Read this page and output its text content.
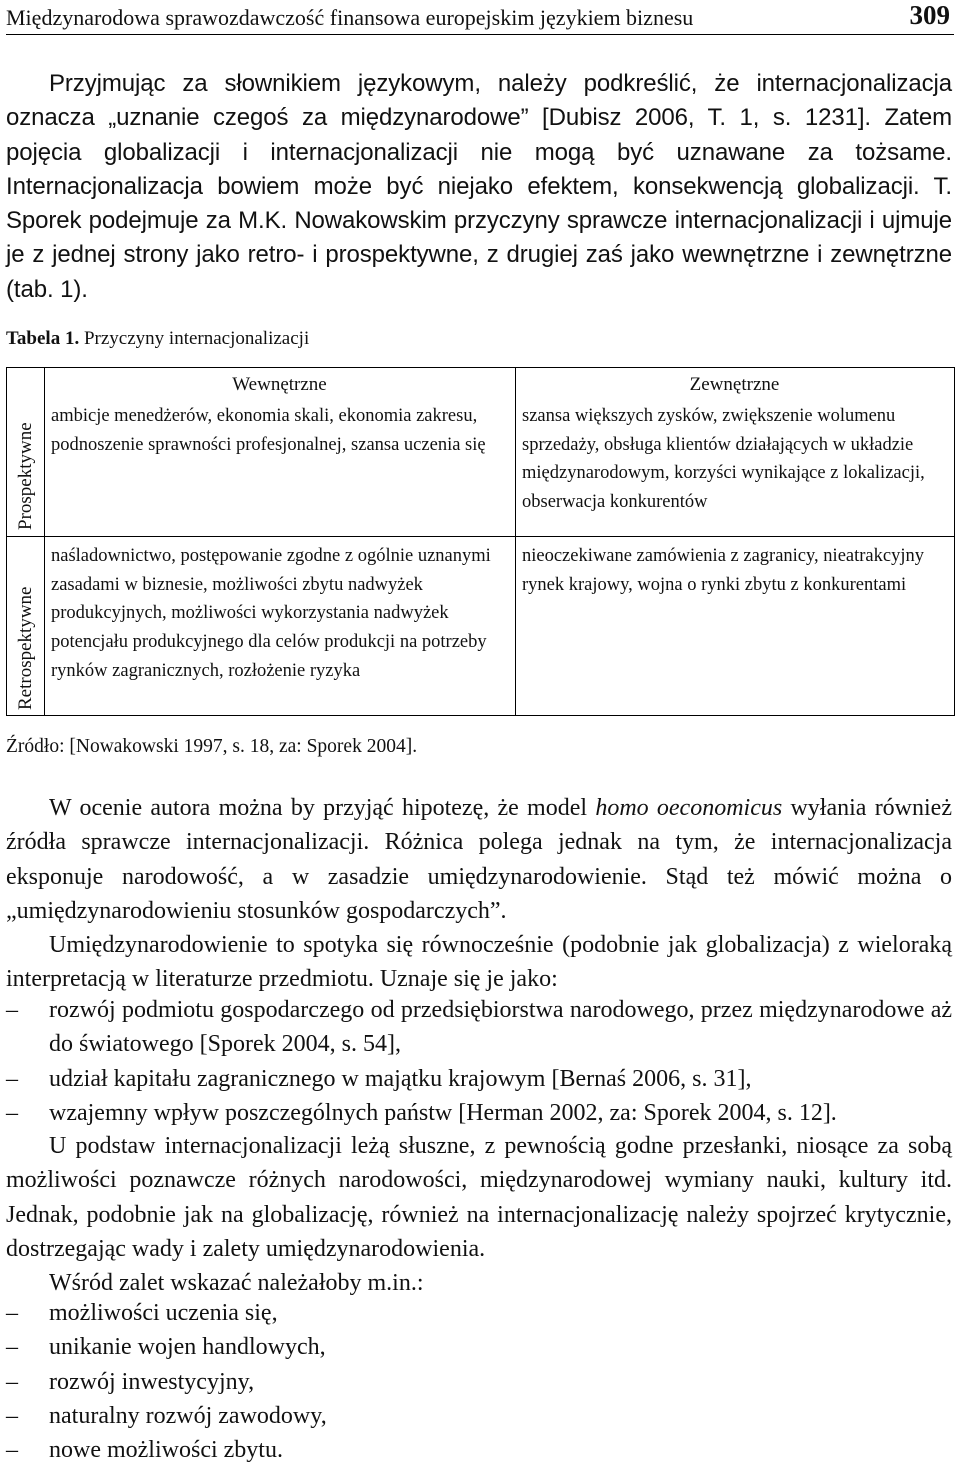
Międzynarodowa sprawozdawczość finansowa europejskim językiem biznesu	309

Przyjmując za słownikiem językowym, należy podkreślić, że internacjonalizacja oznacza „uznanie czegoś za międzynarodowe” [Dubisz 2006, T. 1, s. 1231]. Zatem pojęcia globalizacji i internacjonalizacji nie mogą być uznawane za tożsame. Internacjonalizacja bowiem może być niejako efektem, konsekwencją globalizacji. T. Sporek podejmuje za M.K. Nowakowskim przyczyny sprawcze internacjonalizacji i ujmuje je z jednej strony jako retro- i prospektywne, z drugiej zaś jako wewnętrzne i zewnętrzne (tab. 1).

Tabela 1. Przyczyny internacjonalizacji
Wewnętrzne	Zewnętrzne
Prospektywne
Retrospektywne
ambicje menedżerów, ekonomia skali, ekonomia zakresu, podnoszenie sprawności profesjonalnej, szansa uczenia się
szansa większych zysków, zwiększenie wolumenu sprzedaży, obsługa klientów działających w układzie międzynarodowym, korzyści wynikające z lokalizacji, obserwacja konkurentów
naśladownictwo, postępowanie zgodne z ogólnie uznanymi zasadami w biznesie, możliwości zbytu nadwyżek produkcyjnych, możliwości wykorzystania nadwyżek potencjału produkcyjnego dla celów produkcji na potrzeby rynków zagranicznych, rozłożenie ryzyka
nieoczekiwane zamówienia z zagranicy, nieatrakcyjny rynek krajowy, wojna o rynki zbytu z konkurentami
Źródło: [Nowakowski 1997, s. 18, za: Sporek 2004].

W ocenie autora można by przyjąć hipotezę, że model homo oeconomicus wyłania również źródła sprawcze internacjonalizacji. Różnica polega jednak na tym, że internacjonalizacja eksponuje narodowość, a w zasadzie umiędzynarodowienie. Stąd też mówić można o „umiędzynarodowieniu stosunków gospodarczych”.

Umiędzynarodowienie to spotyka się równocześnie (podobnie jak globalizacja) z wieloraką interpretacją w literaturze przedmiotu. Uznaje się je jako:

– rozwój podmiotu gospodarczego od przedsiębiorstwa narodowego, przez międzynarodowe aż do światowego [Sporek 2004, s. 54],
– udział kapitału zagranicznego w majątku krajowym [Bernaś 2006, s. 31],
– wzajemny wpływ poszczególnych państw [Herman 2002, za: Sporek 2004, s. 12].

U podstaw internacjonalizacji leżą słuszne, z pewnością godne przesłanki, niosące za sobą możliwości poznawcze różnych narodowości, międzynarodowej wymiany nauki, kultury itd. Jednak, podobnie jak na globalizację, również na internacjonalizację należy spojrzeć krytycznie, dostrzegając wady i zalety umiędzynarodowienia.

Wśród zalet wskazać należałoby m.in.:

– możliwości uczenia się,
– unikanie wojen handlowych,
– rozwój inwestycyjny,
– naturalny rozwój zawodowy,
– nowe możliwości zbytu.
